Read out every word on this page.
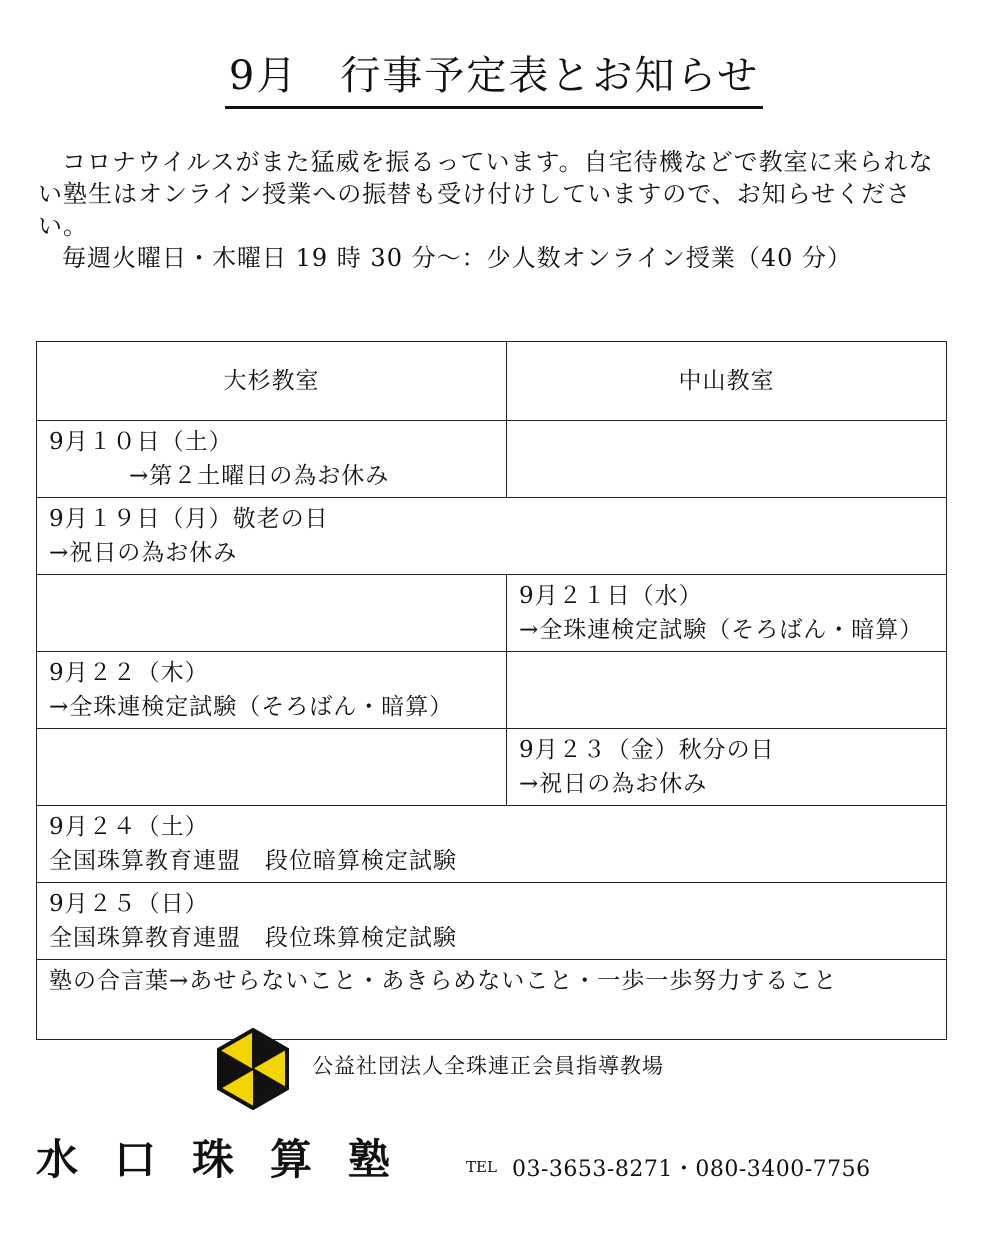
9月　行事予定表とお知らせ

コロナウイルスがまた猛威を振るっています。自宅待機などで教室に来られない塾生はオンライン授業への振替も受け付けしていますので、お知らせください。

毎週火曜日・木曜日 19 時 30 分〜：少人数オンライン授業（40 分）

大杉教室	中山教室

9月１０日（土）
→第２土曜日の為お休み	

9月１９日（月）敬老の日
→祝日の為お休み	

	9月２１日（水）
→全珠連検定試験（そろばん・暗算）

9月２２（木）
→全珠連検定試験（そろばん・暗算）	

	9月２３（金）秋分の日
→祝日の為お休み

9月２４（土）
全国珠算教育連盟　段位暗算検定試験	

9月２５（日）
全国珠算教育連盟　段位珠算検定試験	

塾の合言葉→あせらないこと・あきらめないこと・一歩一歩努力すること	
公益社団法人全珠連正会員指導教場
水口珠算塾	TEL 03-3653-8271・080-3400-7756
